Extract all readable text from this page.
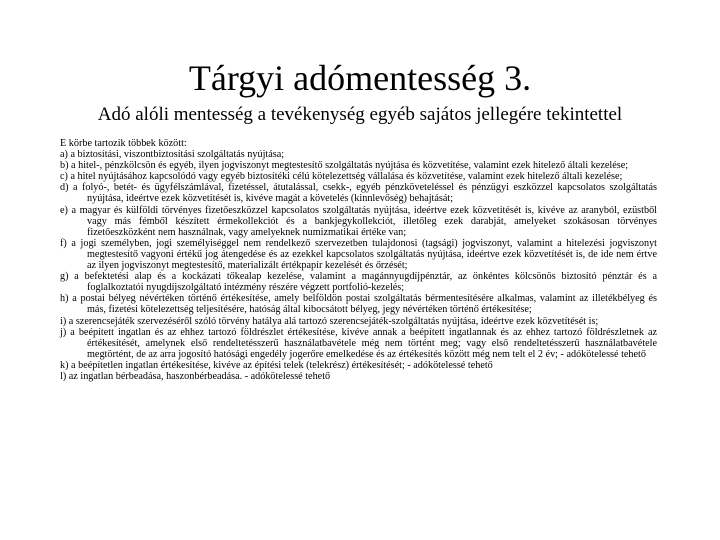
Tárgyi adómentesség 3.
Adó alóli mentesség a tevékenység egyéb sajátos jellegére tekintettel

E körbe tartozik többek között:

a) a biztosítási, viszontbiztosítási szolgáltatás nyújtása;
b) a hitel-, pénzkölcsön és egyéb, ilyen jogviszonyt megtestesítő szolgáltatás nyújtása és közvetítése, valamint ezek hitelező általi kezelése;
c) a hitel nyújtásához kapcsolódó vagy egyéb biztosítéki célú kötelezettség vállalása és közvetítése, valamint ezek hitelező általi kezelése;
d) a folyó-, betét- és ügyfélszámlával, fizetéssel, átutalással, csekk-, egyéb pénzköveteléssel és pénzügyi eszközzel kapcsolatos szolgáltatás nyújtása, ideértve ezek közvetítését is, kivéve magát a követelés (kinnlevőség) behajtását;
e) a magyar és külföldi törvényes fizetőeszközzel kapcsolatos szolgáltatás nyújtása, ideértve ezek közvetítését is, kivéve az aranyból, ezüstből vagy más fémből készített érmekollekciót és a bankjegykollekciót, illetőleg ezek darabját, amelyeket szokásosan törvényes fizetőeszközként nem használnak, vagy amelyeknek numizmatikai értéke van;
f) a jogi személyben, jogi személyiséggel nem rendelkező szervezetben tulajdonosi (tagsági) jogviszonyt, valamint a hitelezési jogviszonyt megtestesítő vagyoni értékű jog átengedése és az ezekkel kapcsolatos szolgáltatás nyújtása, ideértve ezek közvetítését is, de ide nem értve az ilyen jogviszonyt megtestesítő, materializált értékpapír kezelését és őrzését;
g) a befektetési alap és a kockázati tőkealap kezelése, valamint a magánnyugdíjpénztár, az önkéntes kölcsönös biztosító pénztár és a foglalkoztatói nyugdíjszolgáltató intézmény részére végzett portfolió-kezelés;
h) a postai bélyeg névértéken történő értékesítése, amely belföldön postai szolgáltatás bérmentesítésére alkalmas, valamint az illetékbélyeg és más, fizetési kötelezettség teljesítésére, hatóság által kibocsátott bélyeg, jegy névértéken történő értékesítése;
i) a szerencsejáték szervezéséről szóló törvény hatálya alá tartozó szerencsejáték-szolgáltatás nyújtása, ideértve ezek közvetítését is;
j) a beépített ingatlan és az ehhez tartozó földrészlet értékesítése, kivéve annak a beépített ingatlannak és az ehhez tartozó földrészletnek az értékesítését, amelynek első rendeltetésszerű használatbavétele még nem történt meg; vagy első rendeltetésszerű használatbavétele megtörtént, de az arra jogosító hatósági engedély jogerőre emelkedése és az értékesítés között még nem telt el 2 év; - adókötelessé tehető
k) a beépítetlen ingatlan értékesítése, kivéve az építési telek (telekrész) értékesítését; - adókötelessé tehető
l) az ingatlan bérbeadása, haszonbérbeadása. - adókötelessé tehető
